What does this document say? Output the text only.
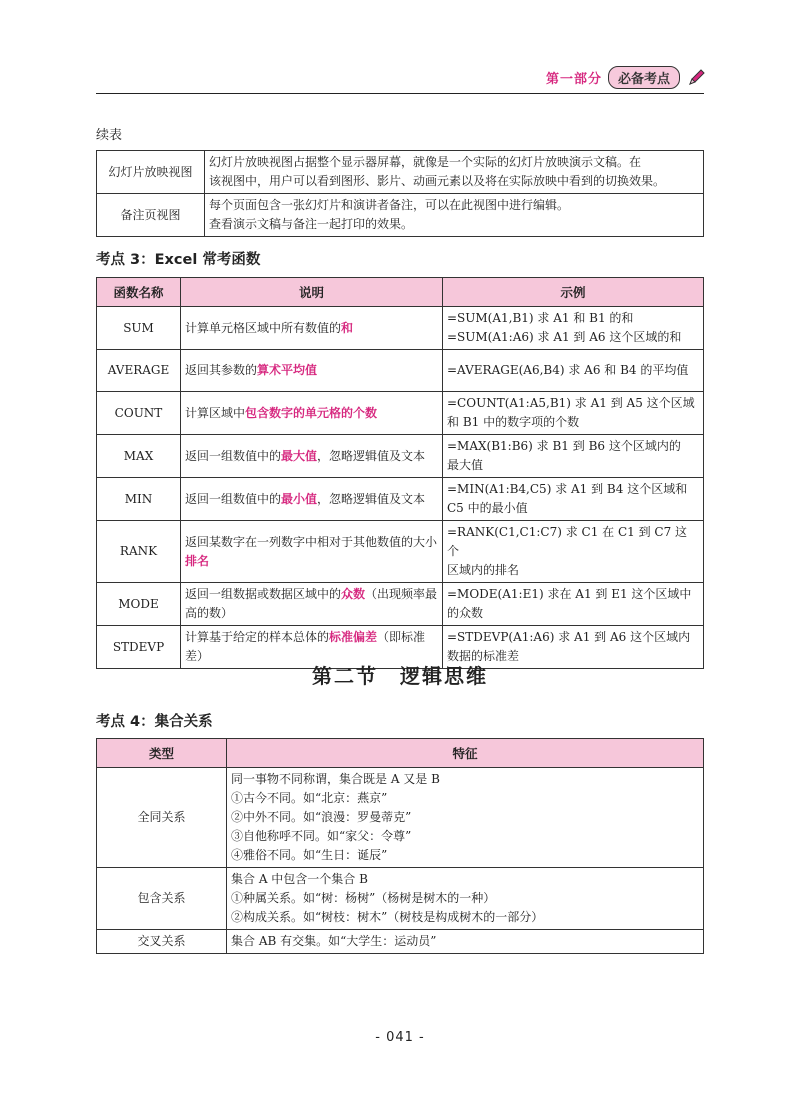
第一部分	必备考点
续表
幻灯片放映视图	幻灯片放映视图占据整个显示器屏幕，就像是一个实际的幻灯片放映演示文稿。在
该视图中，用户可以看到图形、影片、动画元素以及将在实际放映中看到的切换效果。

备注页视图	每个页面包含一张幻灯片和演讲者备注，可以在此视图中进行编辑。
查看演示文稿与备注一起打印的效果。
考点 3：Excel 常考函数
函数名称	说明	示例
SUM	计算单元格区域中所有数值的和	=SUM(A1,B1) 求 A1 和 B1 的和
=SUM(A1:A6) 求 A1 到 A6 这个区域的和

AVERAGE	返回其参数的算术平均值	=AVERAGE(A6,B4) 求 A6 和 B4 的平均值

COUNT	计算区域中包含数字的单元格的个数	=COUNT(A1:A5,B1) 求 A1 到 A5 这个区域
和 B1 中的数字项的个数

MAX	返回一组数值中的最大值，忽略逻辑值及文本	=MAX(B1:B6) 求 B1 到 B6 这个区域内的
最大值

MIN	返回一组数值中的最小值，忽略逻辑值及文本	=MIN(A1:B4,C5) 求 A1 到 B4 这个区域和
C5 中的最小值

RANK	返回某数字在一列数字中相对于其他数值的大小排名	=RANK(C1,C1:C7) 求 C1 在 C1 到 C7 这个
区域内的排名

MODE	返回一组数据或数据区域中的众数（出现频率最高的数）	=MODE(A1:E1) 求在 A1 到 E1 这个区域中
的众数

STDEVP	计算基于给定的样本总体的标准偏差（即标准差）	=STDEVP(A1:A6) 求 A1 到 A6 这个区域内
数据的标准差
第二节　逻辑思维
考点 4：集合关系
类型	特征
全同关系	同一事物不同称谓，集合既是 A 又是 B
①古今不同。如“北京：燕京”
②中外不同。如“浪漫：罗曼蒂克”
③自他称呼不同。如“家父：令尊”
④雅俗不同。如“生日：诞辰”

包含关系	集合 A 中包含一个集合 B
①种属关系。如“树：杨树”（杨树是树木的一种）
②构成关系。如“树枝：树木”（树枝是构成树木的一部分）

交叉关系	集合 AB 有交集。如“大学生：运动员”
- 041 -
